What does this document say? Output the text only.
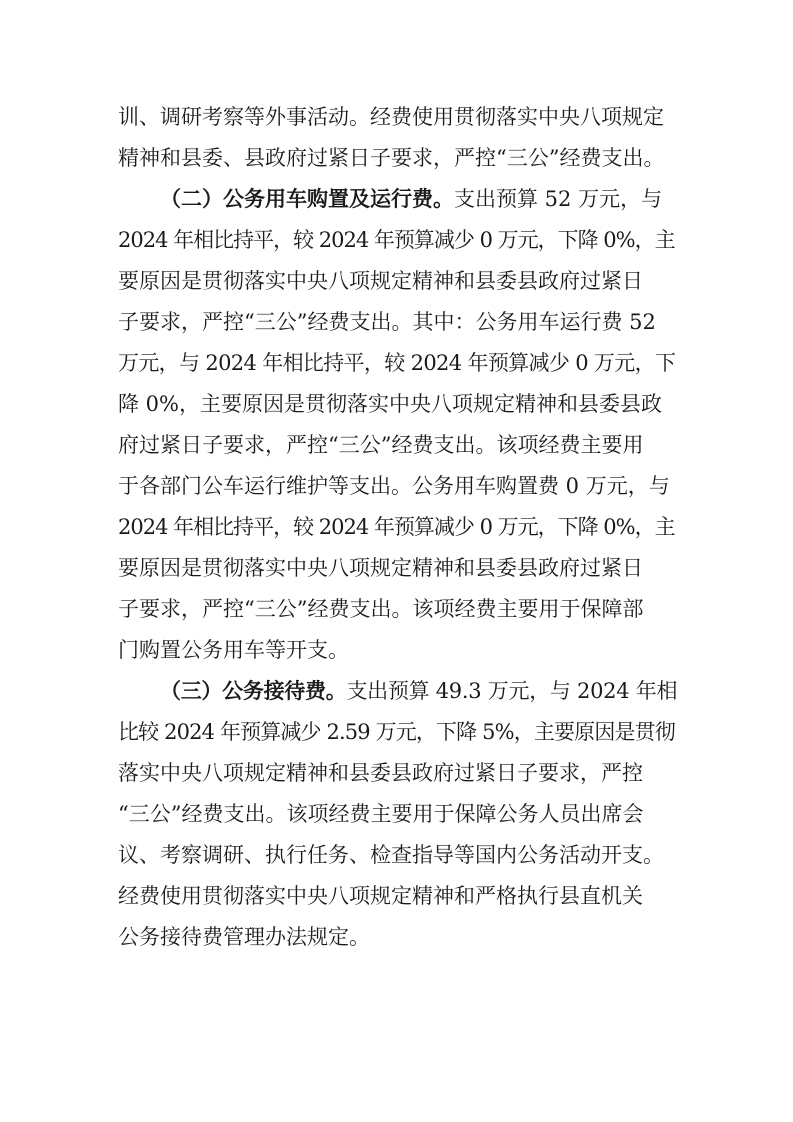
训、调研考察等外事活动。经费使用贯彻落实中央八项规定
精神和县委、县政府过紧日子要求，严控“三公”经费支出。
（二）公务用车购置及运行费。支出预算 52 万元，与
2024 年相比持平，较 2024 年预算减少 0 万元，下降 0%，主
要原因是贯彻落实中央八项规定精神和县委县政府过紧日
子要求，严控“三公”经费支出。其中：公务用车运行费 52
万元，与 2024 年相比持平，较 2024 年预算减少 0 万元，下
降 0%，主要原因是贯彻落实中央八项规定精神和县委县政
府过紧日子要求，严控“三公”经费支出。该项经费主要用
于各部门公车运行维护等支出。公务用车购置费 0 万元，与
2024 年相比持平，较 2024 年预算减少 0 万元，下降 0%，主
要原因是贯彻落实中央八项规定精神和县委县政府过紧日
子要求，严控“三公”经费支出。该项经费主要用于保障部
门购置公务用车等开支。
（三）公务接待费。支出预算 49.3 万元，与 2024 年相
比较 2024 年预算减少 2.59 万元，下降 5%，主要原因是贯彻
落实中央八项规定精神和县委县政府过紧日子要求，严控
“三公”经费支出。该项经费主要用于保障公务人员出席会
议、考察调研、执行任务、检查指导等国内公务活动开支。
经费使用贯彻落实中央八项规定精神和严格执行县直机关
公务接待费管理办法规定。
